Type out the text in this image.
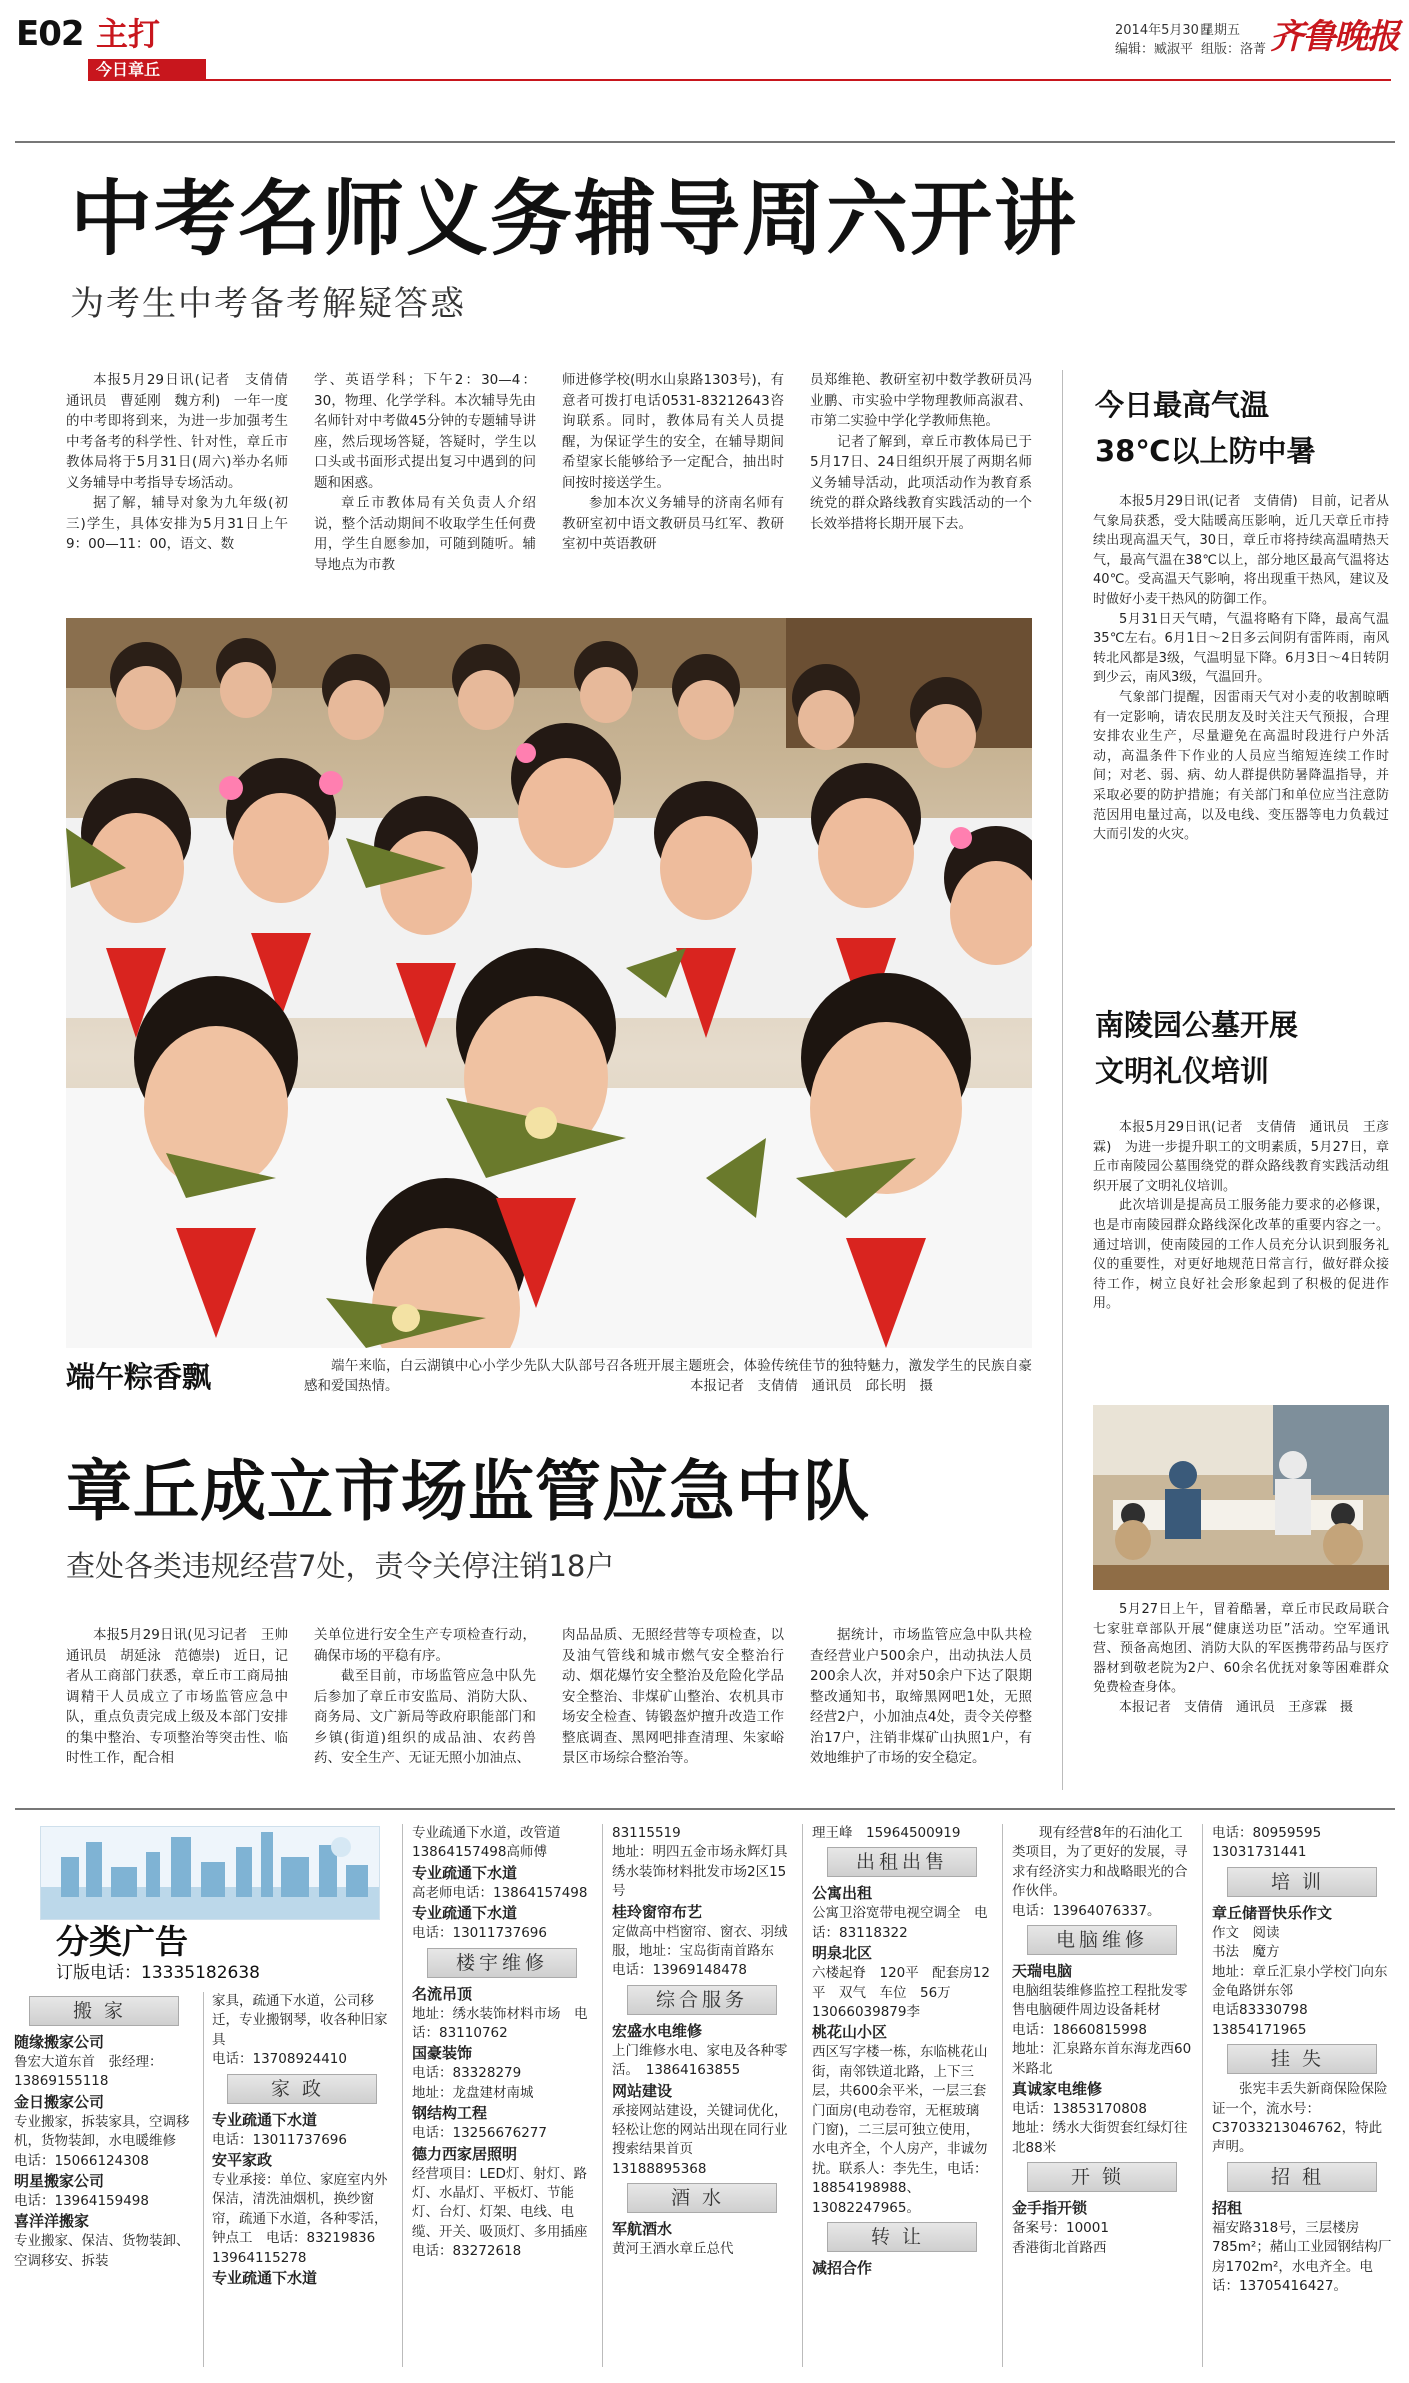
E02 主打
今日章丘
2014年5月30日
星期五
编辑：臧淑平 组版：洛菁 齐鲁晚报
中考名师义务辅导周六开讲
为考生中考备考解疑答惑
本报5月29日讯(记者　支倩倩　通讯员　曹延刚　魏方利)　一年一度的中考即将到来，为进一步加强考生中考备考的科学性、针对性，章丘市教体局将于5月31日(周六)举办名师义务辅导中考指导专场活动。
据了解，辅导对象为九年级(初三)学生，具体安排为5月31日上午9：00—11：00，语文、数
学、英语学科；下午2：30—4：30，物理、化学学科。本次辅导先由名师针对中考做45分钟的专题辅导讲座，然后现场答疑，答疑时，学生以口头或书面形式提出复习中遇到的问题和困惑。
章丘市教体局有关负责人介绍说，整个活动期间不收取学生任何费用，学生自愿参加，可随到随听。辅导地点为市教
师进修学校(明水山泉路1303号)，有意者可拨打电话0531-83212643咨询联系。同时，教体局有关人员提醒，为保证学生的安全，在辅导期间希望家长能够给予一定配合，抽出时间按时接送学生。
参加本次义务辅导的济南名师有教研室初中语文教研员马红军、教研室初中英语教研
员郑维艳、教研室初中数学教研员冯业鹏、市实验中学物理教师高淑君、市第二实验中学化学教师焦艳。
记者了解到，章丘市教体局已于5月17日、24日组织开展了两期名师义务辅导活动，此项活动作为教育系统党的群众路线教育实践活动的一个长效举措将长期开展下去。
端午粽香飘	端午来临，白云湖镇中心小学少先队大队部号召各班开展主题班会，体验传统佳节的独特魅力，激发学生的民族自豪感和爱国热情。	本报记者　支倩倩　通讯员　邱长明　摄
章丘成立市场监管应急中队
查处各类违规经营7处，责令关停注销18户
本报5月29日讯(见习记者　王帅　通讯员　胡延泳　范德崇)　近日，记者从工商部门获悉，章丘市工商局抽调精干人员成立了市场监管应急中队，重点负责完成上级及本部门安排的集中整治、专项整治等突击性、临时性工作，配合相
关单位进行安全生产专项检查行动，确保市场的平稳有序。
截至目前，市场监管应急中队先后参加了章丘市安监局、消防大队、商务局、文广新局等政府职能部门和乡镇(街道)组织的成品油、农药兽药、安全生产、无证无照小加油点、
肉品品质、无照经营等专项检查，以及油气管线和城市燃气安全整治行动、烟花爆竹安全整治及危险化学品安全整治、非煤矿山整治、农机具市场安全检查、铸锻盔炉擅升改造工作整底调查、黑网吧排查清理、朱家峪景区市场综合整治等。
据统计，市场监管应急中队共检查经营业户500余户，出动执法人员200余人次，并对50余户下达了限期整改通知书，取缔黑网吧1处，无照经营2户，小加油点4处，责令关停整治17户，注销非煤矿山执照1户，有效地维护了市场的安全稳定。
今日最高气温
38℃以上防中暑
本报5月29日讯(记者　支倩倩)　目前，记者从气象局获悉，受大陆暖高压影响，近几天章丘市持续出现高温天气，30日，章丘市将持续高温晴热天气，最高气温在38℃以上，部分地区最高气温将达40℃。受高温天气影响，将出现重干热风，建议及时做好小麦干热风的防御工作。
5月31日天气晴，气温将略有下降，最高气温35℃左右。6月1日～2日多云间阴有雷阵雨，南风转北风都是3级，气温明显下降。6月3日～4日转阴到少云，南风3级，气温回升。
气象部门提醒，因雷雨天气对小麦的收割晾晒有一定影响，请农民朋友及时关注天气预报，合理安排农业生产，尽量避免在高温时段进行户外活动，高温条件下作业的人员应当缩短连续工作时间；对老、弱、病、幼人群提供防暑降温指导，并采取必要的防护措施；有关部门和单位应当注意防范因用电量过高，以及电线、变压器等电力负载过大而引发的火灾。
南陵园公墓开展
文明礼仪培训
本报5月29日讯(记者　支倩倩　通讯员　王彦霖)　为进一步提升职工的文明素质，5月27日，章丘市南陵园公墓围绕党的群众路线教育实践活动组织开展了文明礼仪培训。
此次培训是提高员工服务能力要求的必修课，也是市南陵园群众路线深化改革的重要内容之一。通过培训，使南陵园的工作人员充分认识到服务礼仪的重要性，对更好地规范日常言行，做好群众接待工作，树立良好社会形象起到了积极的促进作用。
5月27日上午，冒着酷暑，章丘市民政局联合七家驻章部队开展“健康送功臣”活动。空军通讯营、预备高炮团、消防大队的军医携带药品与医疗器材到敬老院为2户、60余名优抚对象等困难群众免费检查身体。
本报记者　支倩倩　通讯员　王彦霖　摄
分类广告
订版电话：13335182638
搬家
随缘搬家公司
鲁宏大道东首　张经理：13869155118
金日搬家公司
专业搬家，拆装家具，空调移机，货物装卸，水电暖维修
电话：15066124308
明星搬家公司
电话：13964159498
喜洋洋搬家
专业搬家、保洁、货物装卸、空调移安、拆装
家具，疏通下水道，公司移迁，专业搬钢琴，收各种旧家具
电话：13708924410
家政
专业疏通下水道
电话：13011737696
安平家政
专业承接：单位、家庭室内外保洁，清洗油烟机，换纱窗帘，疏通下水道，各种零活，钟点工　电话：83219836
13964115278
专业疏通下水道
专业疏通下水道，改管道13864157498高师傅
专业疏通下水道
高老师电话：13864157498
专业疏通下水道
电话：13011737696
楼宇维修
名流吊顶
地址：绣水装饰材料市场　电话：83110762
国豪装饰
电话：83328279
地址：龙盘建材南城
钢结构工程
电话：13256676277
德力西家居照明
经营项目：LED灯、射灯、路灯、水晶灯、平板灯、节能灯、台灯、灯架、电线、电缆、开关、吸顶灯、多用插座
电话：83272618
83115519
地址：明四五金市场永辉灯具绣水装饰材料批发市场2区15号
桂玲窗帘布艺
定做高中档窗帘、窗衣、羽绒服，地址：宝岛街南首路东
电话：13969148478
综合服务
宏盛水电维修
上门维修水电、家电及各种零活。　13864163855
网站建设
承接网站建设，关键词优化，轻松让您的网站出现在同行业搜索结果首页
13188895368
酒水
军航酒水
黄河王酒水章丘总代
理王峰　15964500919
出租出售
公寓出租
公寓卫浴宽带电视空调全　电话：83118322
明泉北区
六楼起脊　120平　配套房12平　双气　车位　56万　13066039879李
桃花山小区
西区写字楼一栋，东临桃花山街，南邻铁道北路，上下三层，共600余平米，一层三套门面房(电动卷帘，无框玻璃门窗)，二三层可独立使用，水电齐全，个人房产，非诚勿扰。联系人：李先生，电话：18854198988、13082247965。
转让
减招合作
现有经营8年的石油化工类项目，为了更好的发展，寻求有经济实力和战略眼光的合作伙伴。
电话：13964076337。
电脑维修
天瑞电脑
电脑组装维修监控工程批发零售电脑硬件周边设备耗材
电话：18660815998
地址：汇泉路东首东海龙西60米路北
真诚家电维修
电话：13853170808
地址：绣水大街贺套红绿灯往北88米
开锁
金手指开锁
备案号：10001
香港街北首路西
电话：80959595
13031731441
培训
章丘储晋快乐作文
作文　阅读
书法　魔方
地址：章丘汇泉小学校门向东金龟路饼东邻
电话83330798
13854171965
挂失
张宪丰丢失新商保险保险证一个，流水号：C37033213046762，特此声明。
招租
招租
福安路318号，三层楼房785m²；赭山工业园钢结构厂房1702m²，水电齐全。电话：13705416427。
